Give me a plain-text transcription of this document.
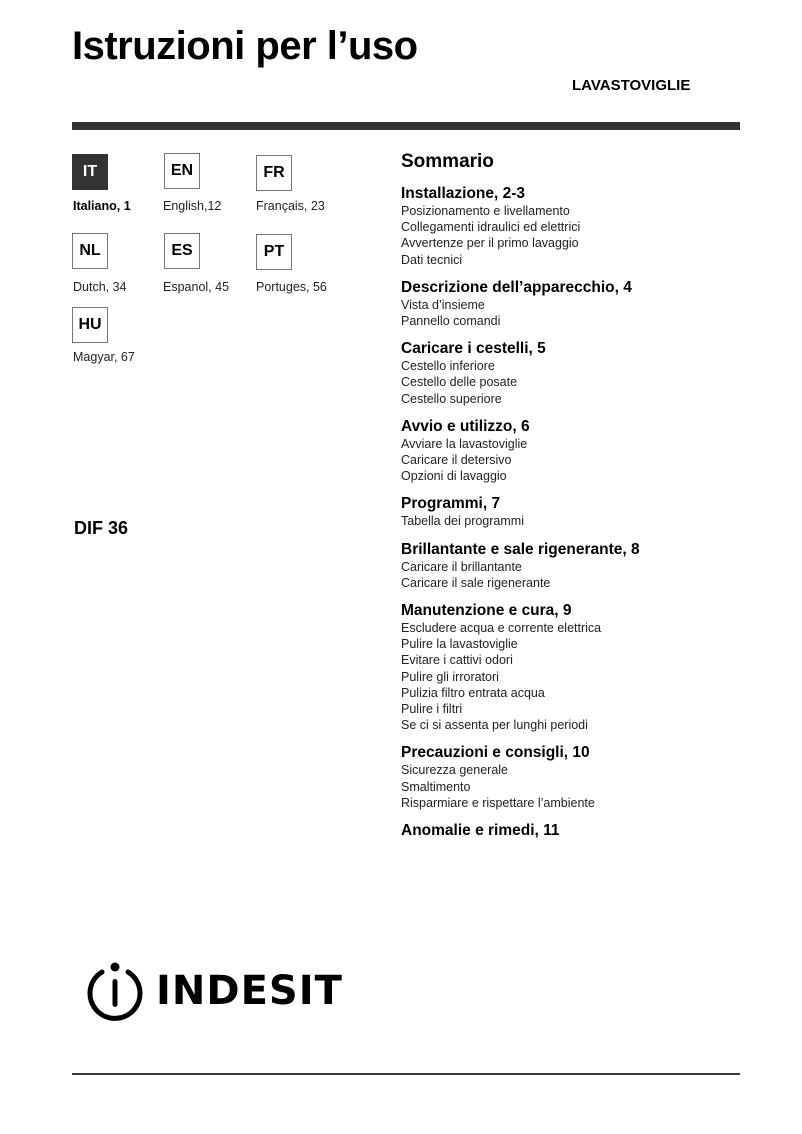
Istruzioni per l’uso
LAVASTOVIGLIE
IT
Italiano, 1
EN
English,12
FR
Français, 23
NL
Dutch, 34
ES
Espanol, 45
PT
Portuges, 56
HU
Magyar, 67
DIF 36
Sommario
Installazione, 2-3
Posizionamento e livellamento
Collegamenti idraulici ed elettrici
Avvertenze per il primo lavaggio
Dati tecnici
Descrizione dell’apparecchio, 4
Vista d’insieme
Pannello comandi
Caricare i cestelli, 5
Cestello inferiore
Cestello delle posate
Cestello superiore
Avvio e utilizzo, 6
Avviare la lavastoviglie
Caricare il detersivo
Opzioni di lavaggio
Programmi, 7
Tabella dei programmi
Brillantante e sale rigenerante, 8
Caricare il brillantante
Caricare il sale rigenerante
Manutenzione e cura, 9
Escludere acqua e corrente elettrica
Pulire la lavastoviglie
Evitare i cattivi odori
Pulire gli irroratori
Pulizia filtro entrata acqua
Pulire i filtri
Se ci si assenta per lunghi periodi
Precauzioni e consigli, 10
Sicurezza generale
Smaltimento
Risparmiare e rispettare l’ambiente
Anomalie e rimedi, 11
INDESIT
